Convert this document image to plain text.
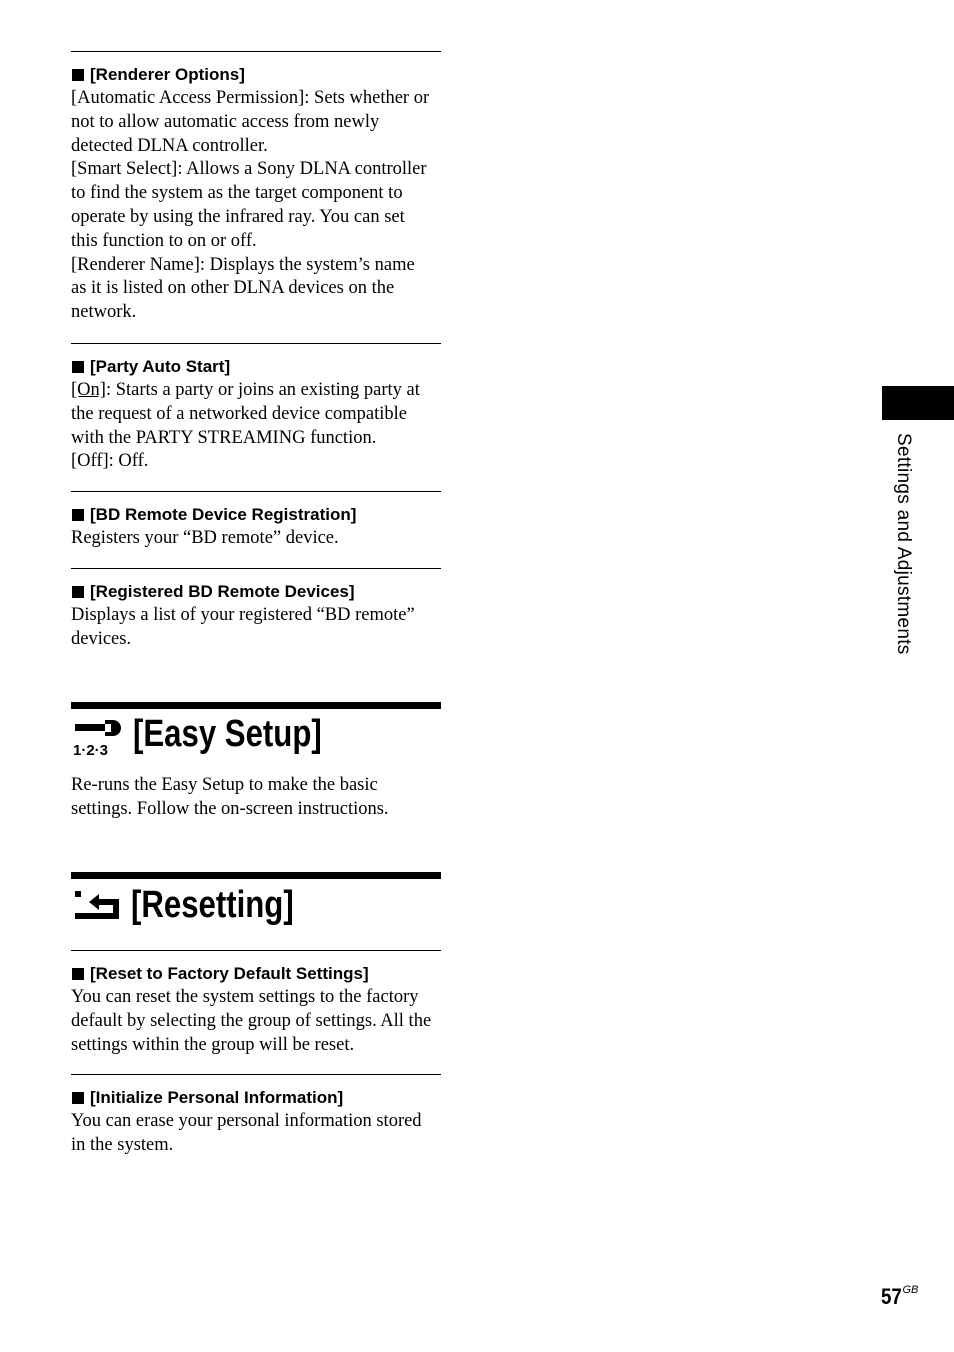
[Renderer Options]
[Automatic Access Permission]: Sets whether or
not to allow automatic access from newly
detected DLNA controller.
[Smart Select]: Allows a Sony DLNA controller
to find the system as the target component to
operate by using the infrared ray. You can set
this function to on or off.
[Renderer Name]: Displays the system’s name
as it is listed on other DLNA devices on the
network.
[Party Auto Start]
[On]: Starts a party or joins an existing party at
the request of a networked device compatible
with the PARTY STREAMING function.
[Off]: Off.
[BD Remote Device Registration]
Registers your “BD remote” device.
[Registered BD Remote Devices]
Displays a list of your registered “BD remote”
devices.
1·2·3 [Easy Setup]
Re-runs the Easy Setup to make the basic
settings. Follow the on-screen instructions.
[Resetting]
[Reset to Factory Default Settings]
You can reset the system settings to the factory
default by selecting the group of settings. All the
settings within the group will be reset.
[Initialize Personal Information]
You can erase your personal information stored
in the system.
Settings and Adjustments
$57^{GB}$
